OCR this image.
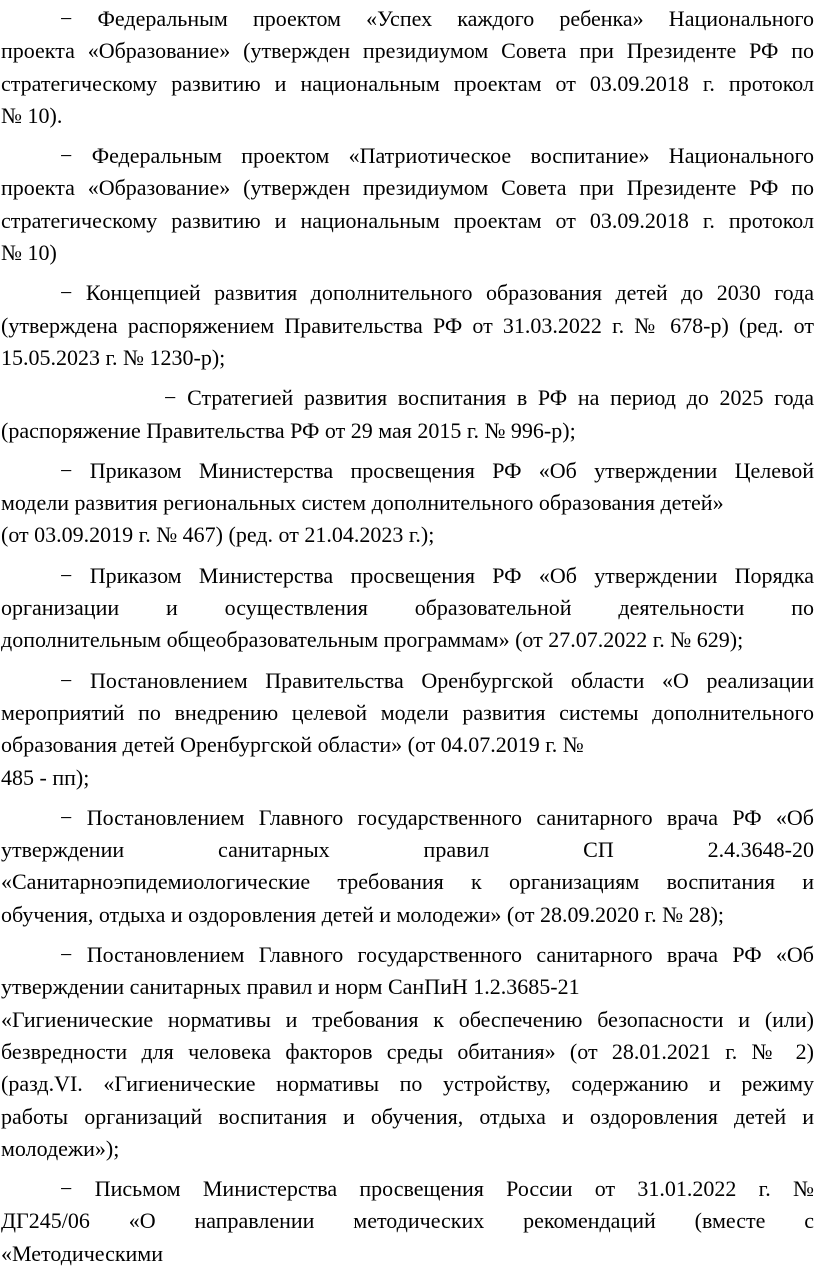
− Федеральным проектом «Успех каждого ребенка» Национального
проекта «Образование» (утвержден президиумом Совета при Президенте РФ по
стратегическому развитию и национальным проектам от 03.09.2018 г. протокол
№ 10).
− Федеральным проектом «Патриотическое воспитание» Национального
проекта «Образование» (утвержден президиумом Совета при Президенте РФ по
стратегическому развитию и национальным проектам от 03.09.2018 г. протокол
№ 10)
− Концепцией развития дополнительного образования детей до 2030 года
(утверждена распоряжением Правительства РФ от 31.03.2022 г. № 678-р) (ред. от
15.05.2023 г. № 1230-р);
− Стратегией развития воспитания в РФ на период до 2025 года
(распоряжение Правительства РФ от 29 мая 2015 г. № 996-р);
− Приказом Министерства просвещения РФ «Об утверждении Целевой
модели развития региональных систем дополнительного образования детей»
(от 03.09.2019 г. № 467) (ред. от 21.04.2023 г.);
− Приказом Министерства просвещения РФ «Об утверждении Порядка
организации и осуществления образовательной деятельности по
дополнительным общеобразовательным программам» (от 27.07.2022 г. № 629);
− Постановлением Правительства Оренбургской области «О реализации
мероприятий по внедрению целевой модели развития системы дополнительного
образования детей Оренбургской области» (от 04.07.2019 г. №
485 - пп);
− Постановлением Главного государственного санитарного врача РФ «Об
утверждении санитарных правил СП 2.4.3648-20
«Санитарноэпидемиологические требования к организациям воспитания и
обучения, отдыха и оздоровления детей и молодежи» (от 28.09.2020 г. № 28);
− Постановлением Главного государственного санитарного врача РФ «Об
утверждении санитарных правил и норм СанПиН 1.2.3685-21
«Гигиенические нормативы и требования к обеспечению безопасности и (или)
безвредности для человека факторов среды обитания» (от 28.01.2021 г. № 2)
(разд.VI. «Гигиенические нормативы по устройству, содержанию и режиму
работы организаций воспитания и обучения, отдыха и оздоровления детей и
молодежи»);
− Письмом Министерства просвещения России от 31.01.2022 г. №
ДГ245/06 «О направлении методических рекомендаций (вместе с
«Методическими
